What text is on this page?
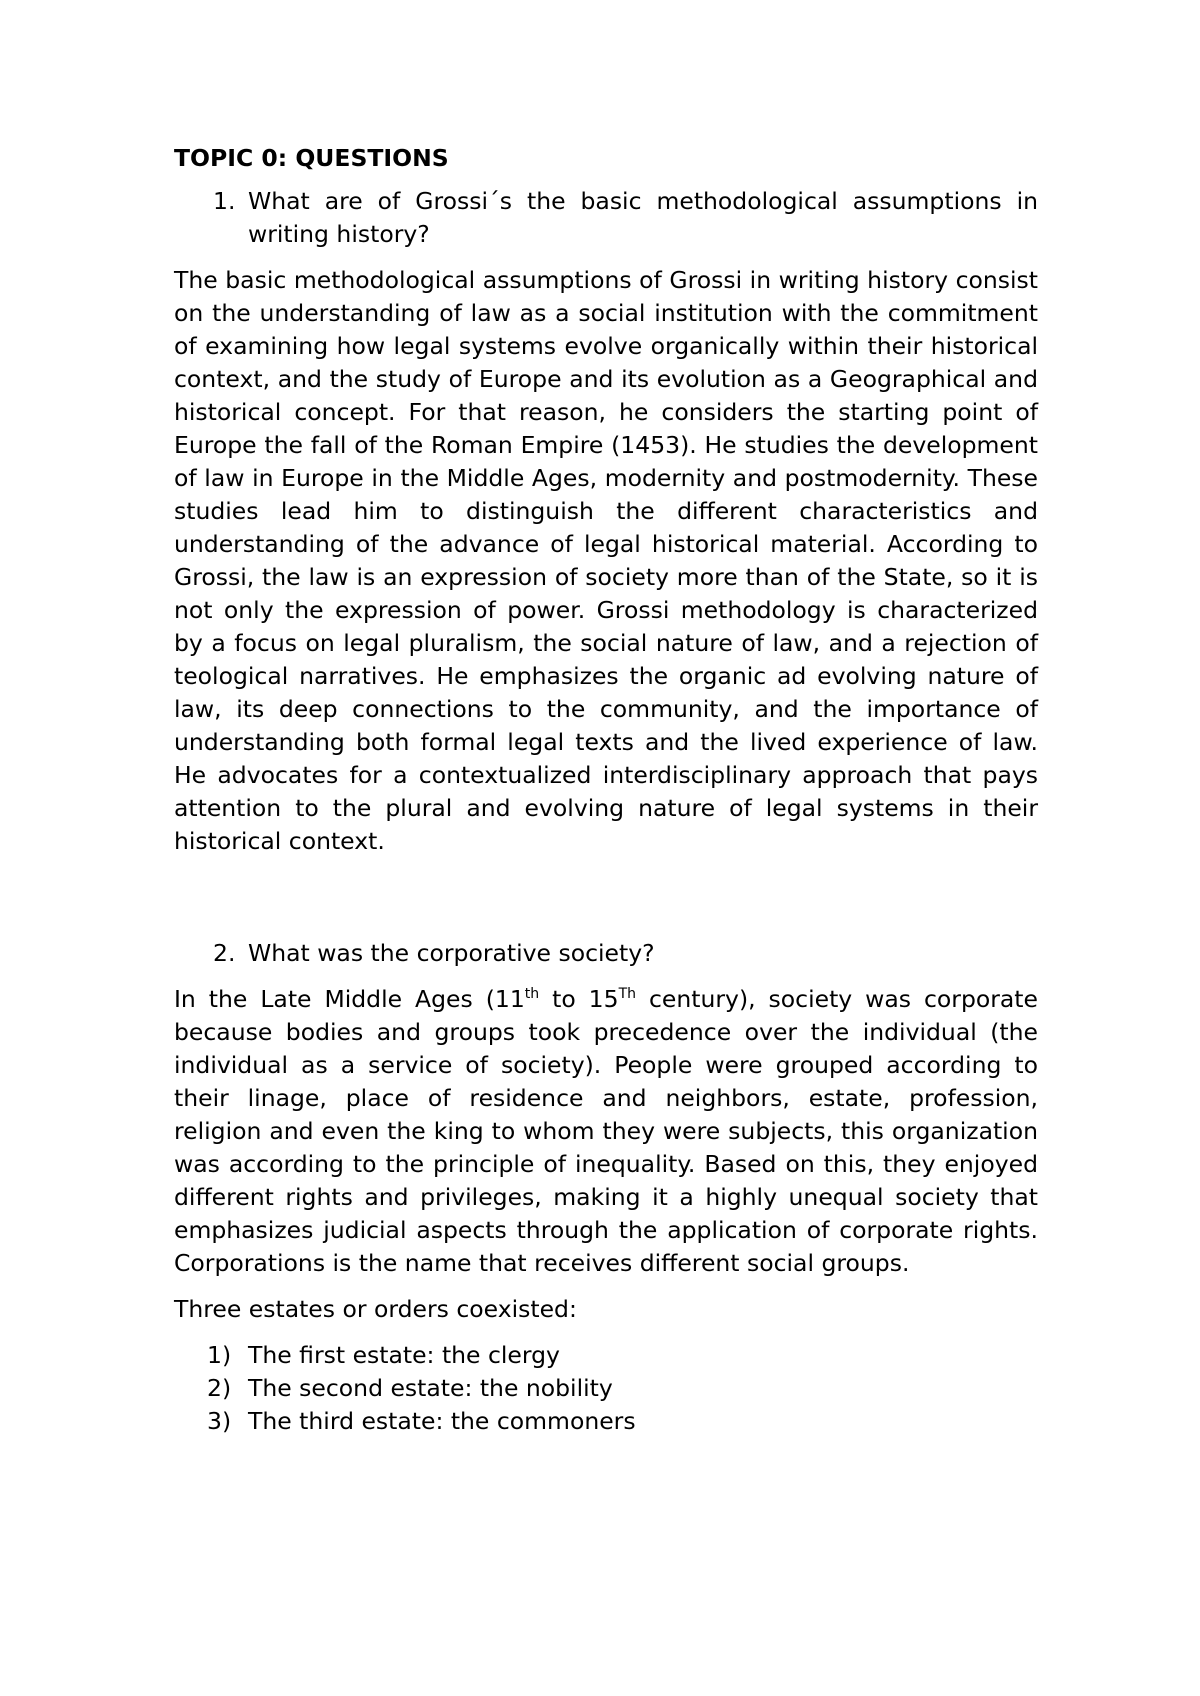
TOPIC 0: QUESTIONS
1. What are of Grossi´s the basic methodological assumptions in writing history?

The basic methodological assumptions of Grossi in writing history consist on the understanding of law as a social institution with the commitment of examining how legal systems evolve organically within their historical context, and the study of Europe and its evolution as a Geographical and historical concept. For that reason, he considers the starting point of Europe the fall of the Roman Empire (1453). He studies the development of law in Europe in the Middle Ages, modernity and postmodernity. These studies lead him to distinguish the different characteristics and understanding of the advance of legal historical material. According to Grossi, the law is an expression of society more than of the State, so it is not only the expression of power. Grossi methodology is characterized by a focus on legal pluralism, the social nature of law, and a rejection of teological narratives. He emphasizes the organic ad evolving nature of law, its deep connections to the community, and the importance of understanding both formal legal texts and the lived experience of law. He advocates for a contextualized interdisciplinary approach that pays attention to the plural and evolving nature of legal systems in their historical context.

2. What was the corporative society?

In the Late Middle Ages (11th to 15Th century), society was corporate because bodies and groups took precedence over the individual (the individual as a service of society). People were grouped according to their linage, place of residence and neighbors, estate, profession, religion and even the king to whom they were subjects, this organization was according to the principle of inequality. Based on this, they enjoyed different rights and privileges, making it a highly unequal society that emphasizes judicial aspects through the application of corporate rights. Corporations is the name that receives different social groups.

Three estates or orders coexisted:

1) The first estate: the clergy
2) The second estate: the nobility
3) The third estate: the commoners
